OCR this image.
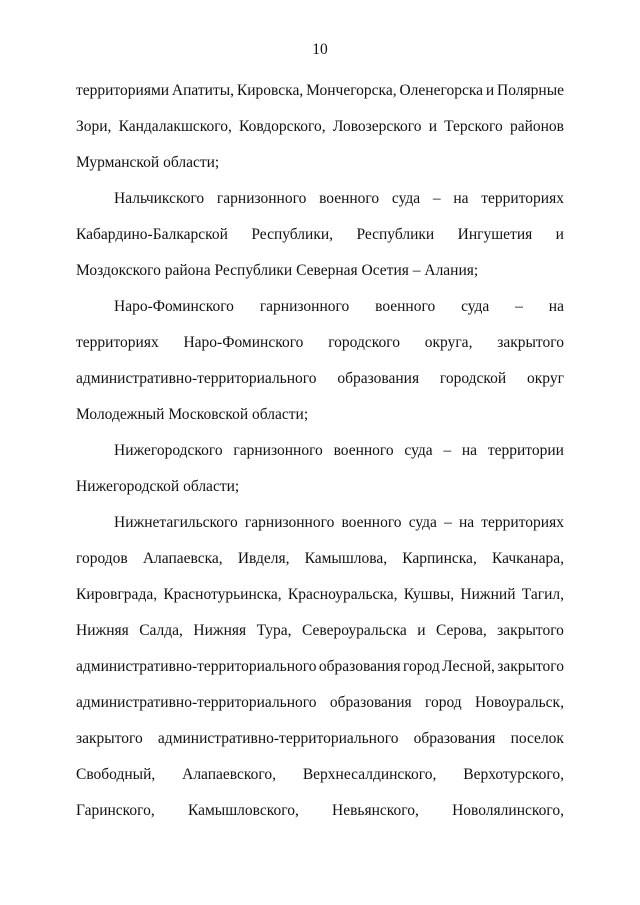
10
территориями Апатиты, Кировска, Мончегорска, Оленегорска и Полярные
Зори, Кандалакшского, Ковдорского, Ловозерского и Терского районов
Мурманской области;
Нальчикского гарнизонного военного суда – на территориях
Кабардино-Балкарской Республики, Республики Ингушетия и
Моздокского района Республики Северная Осетия – Алания;
Наро-Фоминского гарнизонного военного суда – на
территориях Наро-Фоминского городского округа, закрытого
административно-территориального образования городской округ
Молодежный Московской области;
Нижегородского гарнизонного военного суда – на территории
Нижегородской области;
Нижнетагильского гарнизонного военного суда – на территориях
городов Алапаевска, Ивделя, Камышлова, Карпинска, Качканара,
Кировграда, Краснотурьинска, Красноуральска, Кушвы, Нижний Тагил,
Нижняя Салда, Нижняя Тура, Североуральска и Серова, закрытого
административно-территориального образования город Лесной, закрытого
административно-территориального образования город Новоуральск,
закрытого административно-территориального образования поселок
Свободный, Алапаевского, Верхнесалдинского, Верхотурского,
Гаринского, Камышловского, Невьянского, Новолялинского,
